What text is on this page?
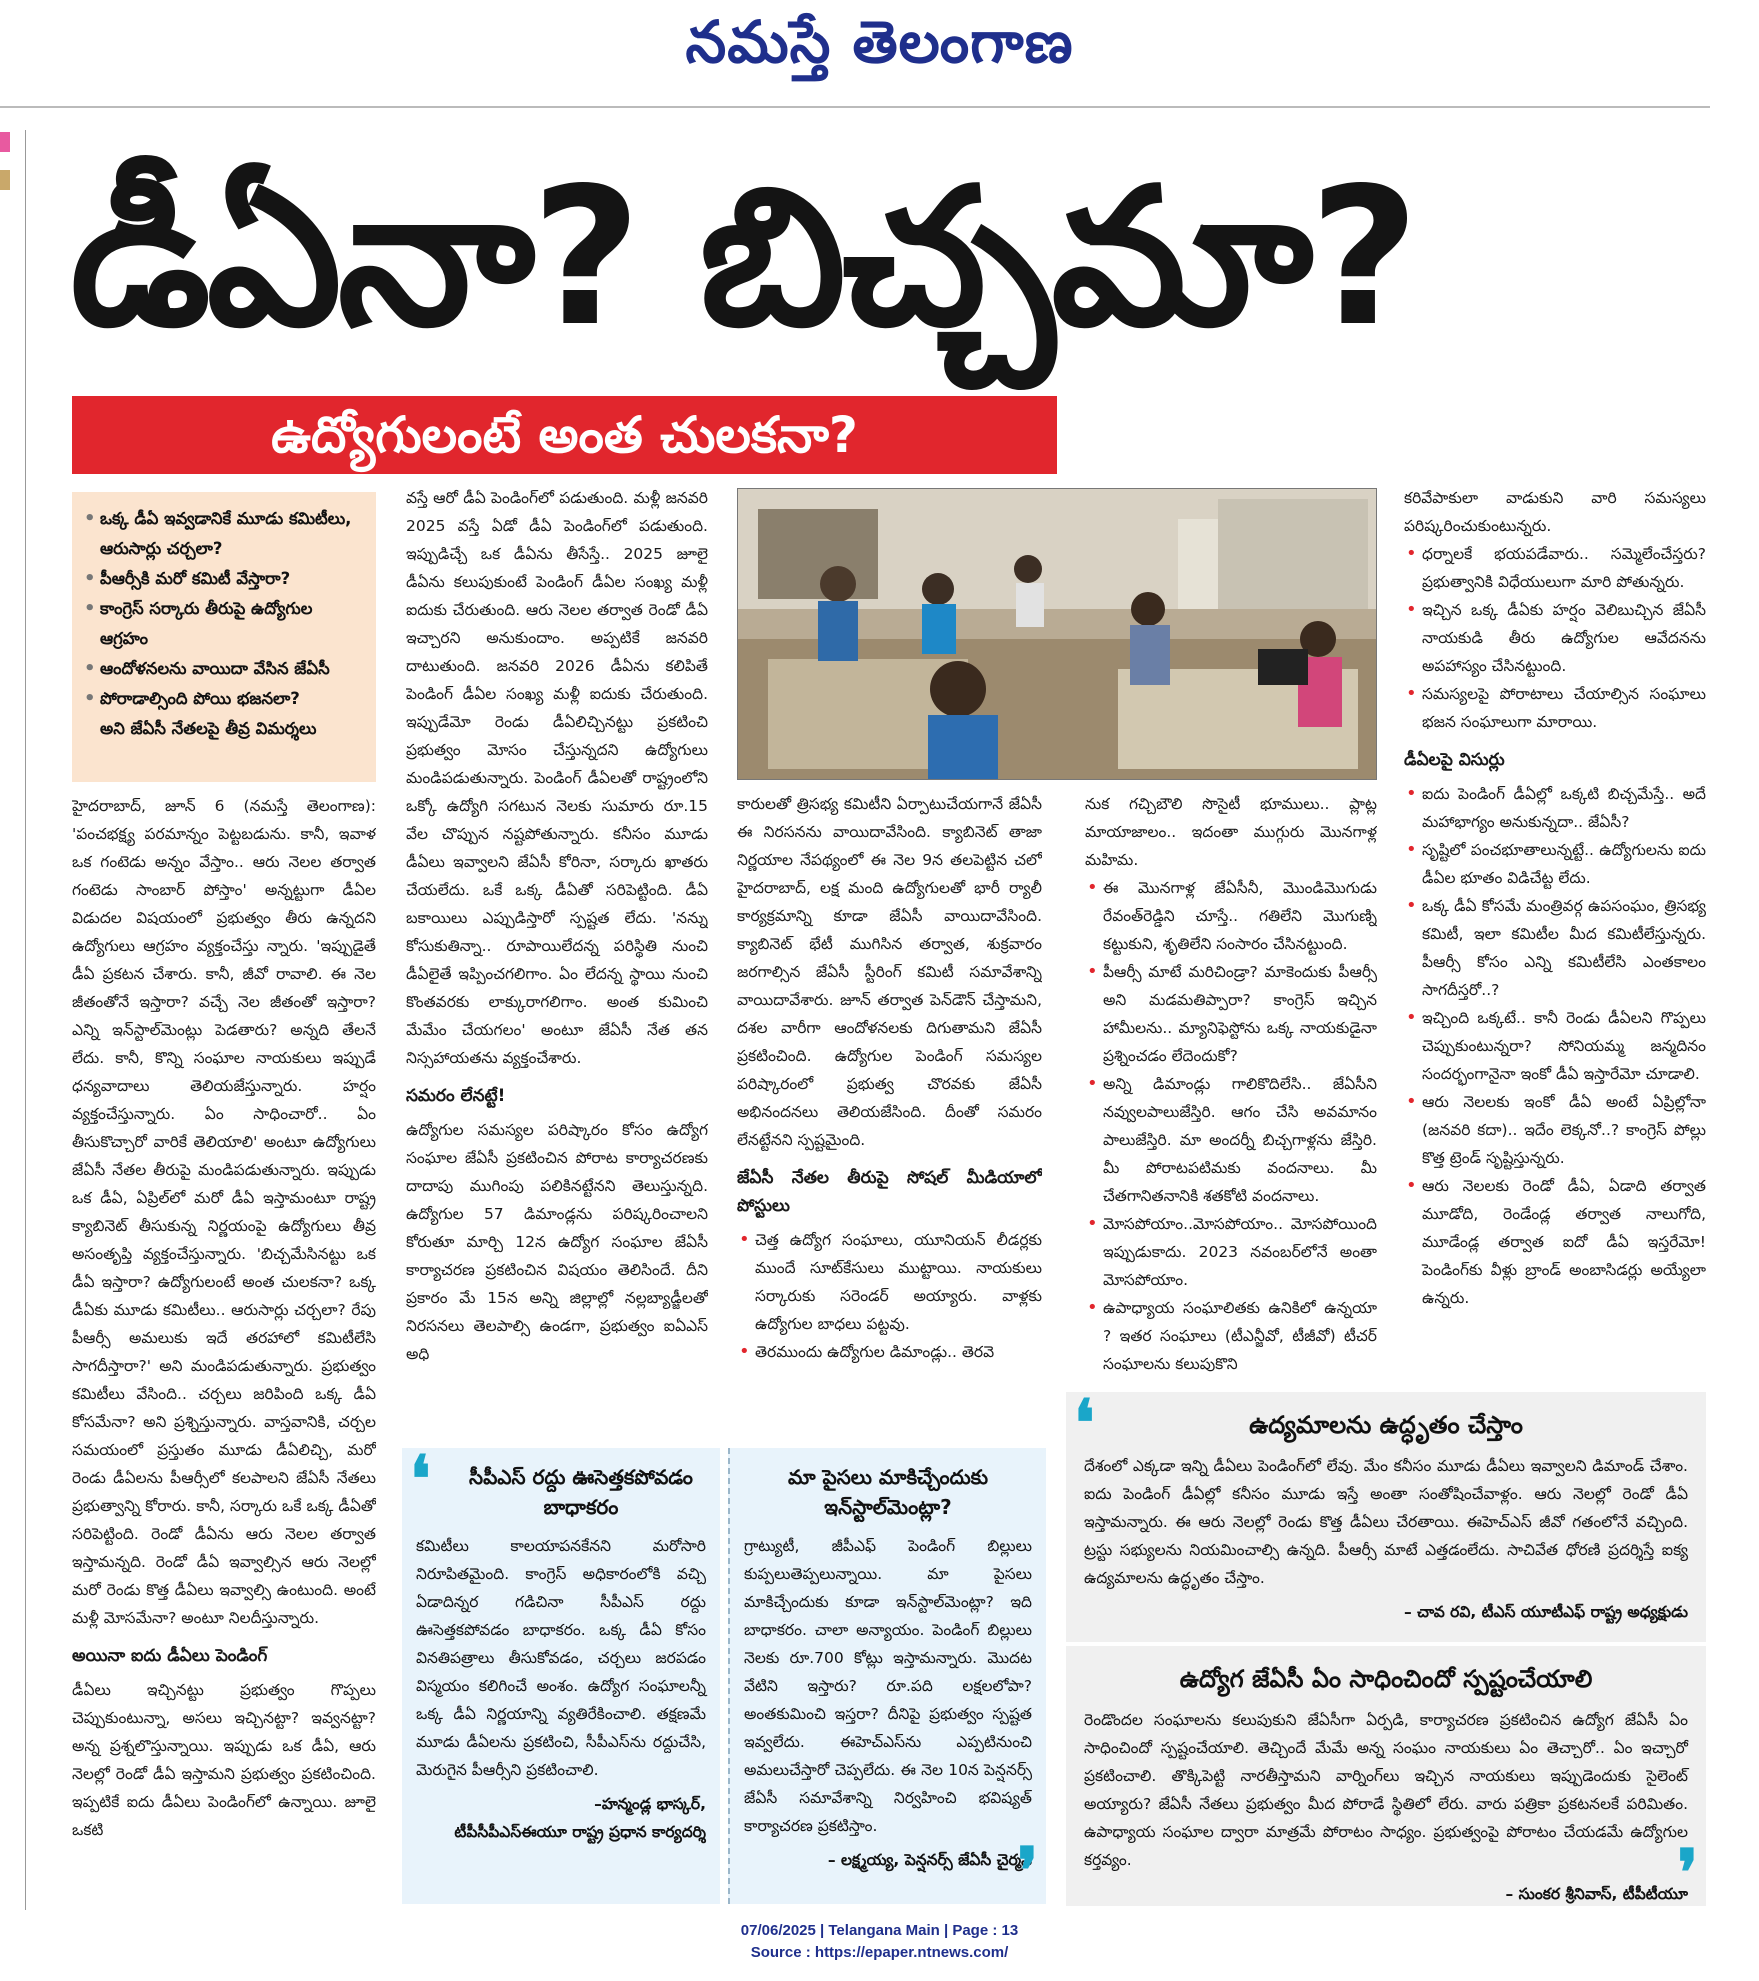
నమస్తే తెలంగాణ
డీఏనా? బిచ్చమా?
ఉద్యోగులంటే అంత చులకనా?
• ఒక్క డీఏ ఇవ్వడానికే మూడు కమిటీలు, ఆరుసార్లు చర్చలా?
• పీఆర్సీకి మరో కమిటీ వేస్తారా?
• కాంగ్రెస్ సర్కారు తీరుపై ఉద్యోగుల ఆగ్రహం
• ఆందోళనలను వాయిదా వేసిన జేఏసీ
• పోరాడాల్సింది పోయి భజనలా?
అని జేఏసీ నేతలపై తీవ్ర విమర్శలు

హైదరాబాద్, జూన్ 6 (నమస్తే తెలంగాణ): 'పంచభక్ష్య పరమాన్నం పెట్టబడును. కానీ, ఇవాళ ఒక గంటెడు అన్నం వేస్తాం.. ఆరు నెలల తర్వాత గంటెడు సాంబార్ పోస్తాం' అన్నట్టుగా డీఏల విడుదల విషయంలో ప్రభుత్వం తీరు ఉన్నదని ఉద్యోగులు ఆగ్రహం వ్యక్తంచేస్తు న్నారు. 'ఇప్పుడైతే డీఏ ప్రకటన చేశారు. కానీ, జీవో రావాలి. ఈ నెల జీతంతోనే ఇస్తారా? వచ్చే నెల జీతంతో ఇస్తారా? ఎన్ని ఇన్‌స్టాల్‌మెంట్లు పెడతారు? అన్నది తేలనే లేదు. కానీ, కొన్ని సంఘాల నాయకులు ఇప్పుడే ధన్యవాదాలు తెలియజేస్తున్నారు. హర్షం వ్యక్తంచేస్తున్నారు. ఏం సాధించారో.. ఏం తీసుకొచ్చారో వారికే తెలియాలి' అంటూ ఉద్యోగులు జేఏసీ నేతల తీరుపై మండిపడుతున్నారు. ఇప్పుడు ఒక డీఏ, ఏప్రిల్‌లో మరో డీఏ ఇస్తామంటూ రాష్ట్ర క్యాబినెట్ తీసుకున్న నిర్ణయంపై ఉద్యోగులు తీవ్ర అసంతృప్తి వ్యక్తంచేస్తున్నారు. 'బిచ్చమేసినట్టు ఒక డీఏ ఇస్తారా? ఉద్యోగులంటే అంత చులకనా? ఒక్క డీఏకు మూడు కమిటీలు.. ఆరుసార్లు చర్చలా? రేపు పీఆర్సీ అమలుకు ఇదే తరహాలో కమిటీలేసి సాగదీస్తారా?' అని మండిపడుతున్నారు. ప్రభుత్వం కమిటీలు వేసింది.. చర్చలు జరిపింది ఒక్క డీఏ కోసమేనా? అని ప్రశ్నిస్తున్నారు. వాస్తవానికి, చర్చల సమయంలో ప్రస్తుతం మూడు డీఏలిచ్చి, మరో రెండు డీఏలను పీఆర్సీలో కలపాలని జేఏసీ నేతలు ప్రభుత్వాన్ని కోరారు. కానీ, సర్కారు ఒకే ఒక్క డీఏతో సరిపెట్టింది. రెండో డీఏను ఆరు నెలల తర్వాత ఇస్తామన్నది. రెండో డీఏ ఇవ్వాల్సిన ఆరు నెలల్లో మరో రెండు కొత్త డీఏలు ఇవ్వాల్సి ఉంటుంది. అంటే మళ్లీ మోసమేనా? అంటూ నిలదీస్తున్నారు.

అయినా ఐదు డీఏలు పెండింగ్

డీఏలు ఇచ్చినట్టు ప్రభుత్వం గొప్పలు చెప్పుకుంటున్నా, అసలు ఇచ్చినట్టా? ఇవ్వనట్టా? అన్న ప్రశ్నలొస్తున్నాయి. ఇప్పుడు ఒక డీఏ, ఆరు నెలల్లో రెండో డీఏ ఇస్తామని ప్రభుత్వం ప్రకటించింది. ఇప్పటికే ఐదు డీఏలు పెండింగ్‌లో ఉన్నాయి. జూలై ఒకటి

వస్తే ఆరో డీఏ పెండింగ్‌లో పడుతుంది. మళ్లీ జనవరి 2025 వస్తే ఏడో డీఏ పెండింగ్‌లో పడుతుంది. ఇప్పుడిచ్చే ఒక డీఏను తీసేస్తే.. 2025 జూలై డీఏను కలుపుకుంటే పెండింగ్ డీఏల సంఖ్య మళ్లీ ఐదుకు చేరుతుంది. ఆరు నెలల తర్వాత రెండో డీఏ ఇచ్చారని అనుకుందాం. అప్పటికే జనవరి దాటుతుంది. జనవరి 2026 డీఏను కలిపితే పెండింగ్ డీఏల సంఖ్య మళ్లీ ఐదుకు చేరుతుంది. ఇప్పుడేమో రెండు డీఏలిచ్చినట్టు ప్రకటించి ప్రభుత్వం మోసం చేస్తున్నదని ఉద్యోగులు మండిపడుతున్నారు. పెండింగ్ డీఏలతో రాష్ట్రంలోని ఒక్కో ఉద్యోగి సగటున నెలకు సుమారు రూ.15 వేల చొప్పున నష్టపోతున్నారు. కనీసం మూడు డీఏలు ఇవ్వాలని జేఏసీ కోరినా, సర్కారు ఖాతరు చేయలేదు. ఒకే ఒక్క డీఏతో సరిపెట్టింది. డీఏ బకాయిలు ఎప్పుడిస్తారో స్పష్టత లేదు. 'నన్ను కోసుకుతిన్నా.. రూపాయిలేదన్న పరిస్థితి నుంచి డీఏలైతే ఇప్పించగలిగాం. ఏం లేదన్న స్థాయి నుంచి కొంతవరకు లాక్కురాగలిగాం. అంత కుమించి మేమేం చేయగలం' అంటూ జేఏసీ నేత తన నిస్సహాయతను వ్యక్తంచేశారు.

సమరం లేనట్టే!

ఉద్యోగుల సమస్యల పరిష్కారం కోసం ఉద్యోగ సంఘాల జేఏసీ ప్రకటించిన పోరాట కార్యాచరణకు దాదాపు ముగింపు పలికినట్టేనని తెలుస్తున్నది. ఉద్యోగుల 57 డిమాండ్లను పరిష్కరించాలని కోరుతూ మార్చి 12న ఉద్యోగ సంఘాల జేఏసీ కార్యాచరణ ప్రకటించిన విషయం తెలిసిందే. దీని ప్రకారం మే 15న అన్ని జిల్లాల్లో నల్లబ్యాడ్జీలతో నిరసనలు తెలపాల్సి ఉండగా, ప్రభుత్వం ఐఏఎస్ అధి

కారులతో త్రిసభ్య కమిటీని ఏర్పాటుచేయగానే జేఏసీ ఈ నిరసనను వాయిదావేసింది. క్యాబినెట్ తాజా నిర్ణయాల నేపథ్యంలో ఈ నెల 9న తలపెట్టిన చలో హైదరాబాద్, లక్ష మంది ఉద్యోగులతో భారీ ర్యాలీ కార్యక్రమాన్ని కూడా జేఏసీ వాయిదావేసింది. క్యాబినెట్ భేటీ ముగిసిన తర్వాత, శుక్రవారం జరగాల్సిన జేఏసీ స్టీరింగ్ కమిటీ సమావేశాన్ని వాయిదావేశారు. జూన్ తర్వాత పెన్‌డౌన్ చేస్తామని, దశల వారీగా ఆందోళనలకు దిగుతామని జేఏసీ ప్రకటించింది. ఉద్యోగుల పెండింగ్ సమస్యల పరిష్కారంలో ప్రభుత్వ చొరవకు జేఏసీ అభినందనలు తెలియజేసింది. దీంతో సమరం లేనట్టేనని స్పష్టమైంది.

జేఏసీ నేతల తీరుపై సోషల్ మీడియాలో పోస్టులు
• చెత్త ఉద్యోగ సంఘాలు, యూనియన్ లీడర్లకు ముందే సూట్‌కేసులు ముట్టాయి. నాయకులు సర్కారుకు సరెండర్ అయ్యారు. వాళ్లకు ఉద్యోగుల బాధలు పట్టవు.
• తెరముందు ఉద్యోగుల డిమాండ్లు.. తెరవె

నుక గచ్చిబౌలి సొసైటీ భూములు.. ప్లాట్ల మాయాజాలం.. ఇదంతా ముగ్గురు మొనగాళ్ల మహిమ.

• ఈ మొనగాళ్ల జేఏసీనీ, మొండిమొగుడు రేవంత్‌రెడ్డిని చూస్తే.. గతిలేని మొగుణ్ని కట్టుకుని, శృతిలేని సంసారం చేసినట్టుంది.
• పీఆర్సీ మాటే మరిచిండ్రా? మాకెందుకు పీఆర్సీ అని మడమతిప్పారా? కాంగ్రెస్ ఇచ్చిన హామీలను.. మ్యానిఫెస్టోను ఒక్క నాయకుడైనా ప్రశ్నించడం లేదెందుకో?
• అన్ని డిమాండ్లు గాలికొదిలేసి.. జేఏసీని నవ్వులపాలుజేస్తిరి. ఆగం చేసి అవమానం పాలుజేస్తిరి. మా అందర్నీ బిచ్చగాళ్లను జేస్తిరి. మీ పోరాటపటిమకు వందనాలు. మీ చేతగానితనానికి శతకోటి వందనాలు.
• మోసపోయాం..మోసపోయాం.. మోసపోయింది ఇప్పుడుకాదు. 2023 నవంబర్‌లోనే అంతా మోసపోయాం.
• ఉపాధ్యాయ సంఘాలితకు ఉనికిలో ఉన్నయా ? ఇతర సంఘాలు (టీఎన్జీవో, టీజీవో) టీచర్ సంఘాలను కలుపుకొని

కరివేపాకులా వాడుకుని వారి సమస్యలు పరిష్కరించుకుంటున్నరు.

• ధర్నాలకే భయపడేవారు.. సమ్మెలేంచేస్తరు? ప్రభుత్వానికి విధేయులుగా మారి పోతున్నరు.
• ఇచ్చిన ఒక్క డీఏకు హర్షం వెలిబుచ్చిన జేఏసీ నాయకుడి తీరు ఉద్యోగుల ఆవేదనను అపహాస్యం చేసినట్టుంది.
• సమస్యలపై పోరాటాలు చేయాల్సిన సంఘాలు భజన సంఘాలుగా మారాయి.
డీఏలపై విసుర్లు
• ఐదు పెండింగ్ డీఏల్లో ఒక్కటి బిచ్చమేస్తే.. అదే మహాభాగ్యం అనుకున్నదా.. జేఏసీ?
• సృష్టిలో పంచభూతాలున్నట్టే.. ఉద్యోగులను ఐదు డీఏల భూతం విడిచేట్ట లేదు.
• ఒక్క డీఏ కోసమే మంత్రివర్గ ఉపసంఘం, త్రిసభ్య కమిటీ, ఇలా కమిటీల మీద కమిటీలేస్తున్నరు. పీఆర్సీ కోసం ఎన్ని కమిటీలేసి ఎంతకాలం సాగదీస్తరో..?
• ఇచ్చింది ఒక్కటే.. కానీ రెండు డీఏలని గొప్పలు చెప్పుకుంటున్నరా? సోనియమ్మ జన్మదినం సందర్భంగానైనా ఇంకో డీఏ ఇస్తారేమో చూడాలి.
• ఆరు నెలలకు ఇంకో డీఏ అంటే ఏప్రిల్లోనా (జనవరి కదా).. ఇదేం లెక్కనో..? కాంగ్రెస్ పోల్లు కొత్త ట్రెండ్ సృష్టిస్తున్నరు.
• ఆరు నెలలకు రెండో డీఏ, ఏడాది తర్వాత మూడోది, రెండేండ్ల తర్వాత నాలుగోది, మూడేండ్ల తర్వాత ఐదో డీఏ ఇస్తరేమో! పెండింగ్‌కు వీళ్లు బ్రాండ్ అంబాసిడర్లు అయ్యేలా ఉన్నరు.
❛	సీపీఎస్ రద్దు ఊసెత్తకపోవడం బాధాకరం
కమిటీలు కాలయాపనకేనని మరోసారి నిరూపితమైంది. కాంగ్రెస్ అధికారంలోకి వచ్చి ఏడాదిన్నర గడిచినా సీపీఎస్ రద్దు ఊసెత్తకపోవడం బాధాకరం. ఒక్క డీఏ కోసం వినతిపత్రాలు తీసుకోవడం, చర్చలు జరపడం విస్మయం కలిగించే అంశం. ఉద్యోగ సంఘాలన్నీ ఒక్క డీఏ నిర్ణయాన్ని వ్యతిరేకించాలి. తక్షణమే మూడు డీఏలను ప్రకటించి, సీపీఎస్‌ను రద్దుచేసి, మెరుగైన పీఆర్సీని ప్రకటించాలి.
–హన్మండ్ల భాస్కర్,
టీపీసీపీఎస్ఈయూ రాష్ట్ర ప్రధాన కార్యదర్శి
మా పైసలు మాకిచ్చేందుకు ఇన్‌స్టాల్‌మెంట్లా?
గ్రాట్యుటీ, జీపీఎఫ్ పెండింగ్ బిల్లులు కుప్పలుతెప్పలున్నాయి. మా పైసలు మాకిచ్చేందుకు కూడా ఇన్‌స్టాల్‌మెంట్లా? ఇది బాధాకరం. చాలా అన్యాయం. పెండింగ్ బిల్లులు నెలకు రూ.700 కోట్లు ఇస్తామన్నారు. మొదట వేటిని ఇస్తారు? రూ.పది లక్షలలోపా? అంతకుమించి ఇస్తరా? దీనిపై ప్రభుత్వం స్పష్టత ఇవ్వలేదు. ఈహెచ్‌ఎస్‌ను ఎప్పటినుంచి అమలుచేస్తారో చెప్పలేదు. ఈ నెల 10న పెన్షనర్స్ జేఏసీ సమావేశాన్ని నిర్వహించి భవిష్యత్ కార్యాచరణ ప్రకటిస్తాం.
– లక్ష్మయ్య, పెన్షనర్స్ జేఏసీ చైర్మన్
❜
❛	ఉద్యమాలను ఉద్ధృతం చేస్తాం
దేశంలో ఎక్కడా ఇన్ని డీఏలు పెండింగ్‌లో లేవు. మేం కనీసం మూడు డీఏలు ఇవ్వాలని డిమాండ్ చేశాం. ఐదు పెండింగ్ డీఏల్లో కనీసం మూడు ఇస్తే అంతా సంతోషించేవాళ్లం. ఆరు నెలల్లో రెండో డీఏ ఇస్తామన్నారు. ఈ ఆరు నెలల్లో రెండు కొత్త డీఏలు చేరతాయి. ఈహెచ్‌ఎస్ జీవో గతంలోనే వచ్చింది. ట్రస్టు సభ్యులను నియమించాల్సి ఉన్నది. పీఆర్సీ మాటే ఎత్తడంలేదు. సాచివేత ధోరణి ప్రదర్శిస్తే ఐక్య ఉద్యమాలను ఉద్ధృతం చేస్తాం.
– చావ రవి, టీఎస్ యూటీఎఫ్ రాష్ట్ర అధ్యక్షుడు
ఉద్యోగ జేఏసీ ఏం సాధించిందో స్పష్టంచేయాలి
రెండొందల సంఘాలను కలుపుకుని జేఏసీగా ఏర్పడి, కార్యాచరణ ప్రకటించిన ఉద్యోగ జేఏసీ ఏం సాధించిందో స్పష్టంచేయాలి. తెచ్చిందే మేమే అన్న సంఘం నాయకులు ఏం తెచ్చారో.. ఏం ఇచ్చారో ప్రకటించాలి. తొక్కిపెట్టి నారతీస్తామని వార్నింగ్‌లు ఇచ్చిన నాయకులు ఇప్పుడెందుకు సైలెంట్ అయ్యారు? జేఏసీ నేతలు ప్రభుత్వం మీద పోరాడే స్థితిలో లేరు. వారు పత్రికా ప్రకటనలకే పరిమితం. ఉపాధ్యాయ సంఘాల ద్వారా మాత్రమే పోరాటం సాధ్యం. ప్రభుత్వంపై పోరాటం చేయడమే ఉద్యోగుల కర్తవ్యం.
– సుంకర శ్రీనివాస్, టీపీటీయూ
❜
07/06/2025 | Telangana Main | Page : 13
Source : https://epaper.ntnews.com/
